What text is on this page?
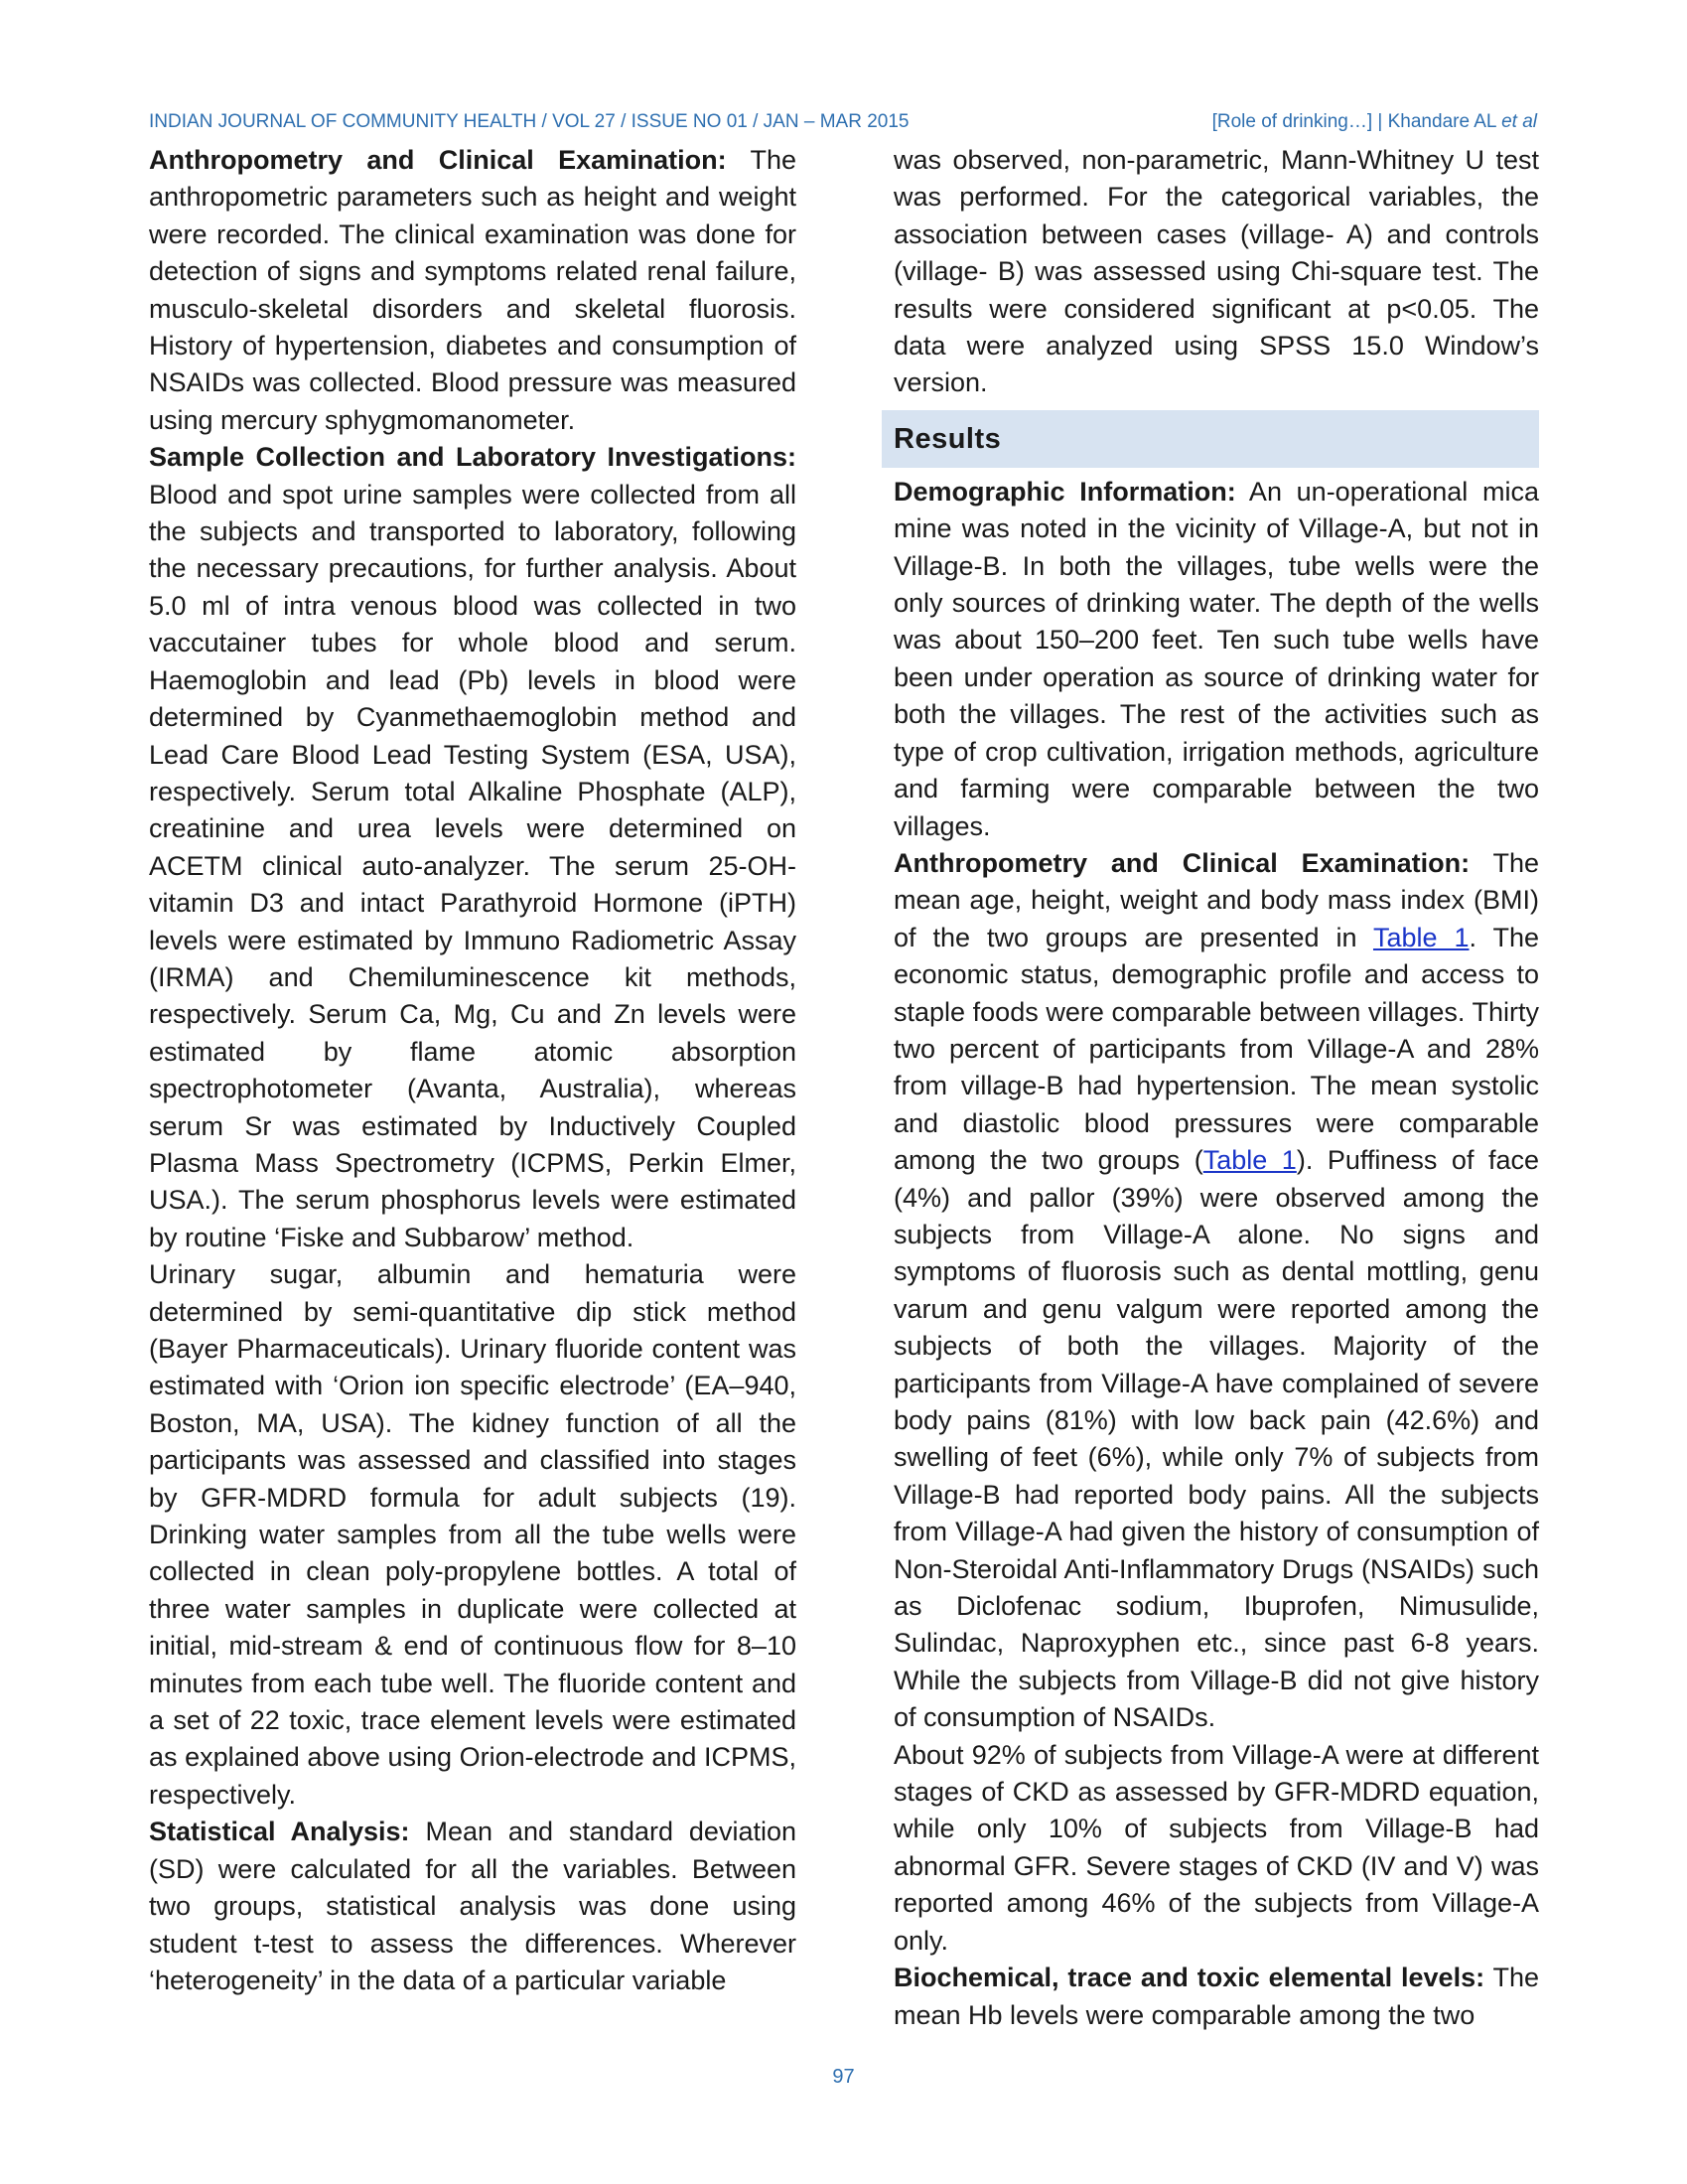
INDIAN JOURNAL OF COMMUNITY HEALTH / VOL 27 / ISSUE NO 01 / JAN – MAR 2015	[Role of drinking…] | Khandare AL et al

Anthropometry and Clinical Examination: The anthropometric parameters such as height and weight were recorded. The clinical examination was done for detection of signs and symptoms related renal failure, musculo-skeletal disorders and skeletal fluorosis. History of hypertension, diabetes and consumption of NSAIDs was collected. Blood pressure was measured using mercury sphygmomanometer.

Sample Collection and Laboratory Investigations: Blood and spot urine samples were collected from all the subjects and transported to laboratory, following the necessary precautions, for further analysis. About 5.0 ml of intra venous blood was collected in two vaccutainer tubes for whole blood and serum. Haemoglobin and lead (Pb) levels in blood were determined by Cyanmethaemoglobin method and Lead Care Blood Lead Testing System (ESA, USA), respectively. Serum total Alkaline Phosphate (ALP), creatinine and urea levels were determined on ACETM clinical auto-analyzer. The serum 25-OH-vitamin D3 and intact Parathyroid Hormone (iPTH) levels were estimated by Immuno Radiometric Assay (IRMA) and Chemiluminescence kit methods, respectively. Serum Ca, Mg, Cu and Zn levels were estimated by flame atomic absorption spectrophotometer (Avanta, Australia), whereas serum Sr was estimated by Inductively Coupled Plasma Mass Spectrometry (ICPMS, Perkin Elmer, USA.). The serum phosphorus levels were estimated by routine ‘Fiske and Subbarow’ method.

Urinary sugar, albumin and hematuria were determined by semi-quantitative dip stick method (Bayer Pharmaceuticals). Urinary fluoride content was estimated with ‘Orion ion specific electrode’ (EA–940, Boston, MA, USA). The kidney function of all the participants was assessed and classified into stages by GFR-MDRD formula for adult subjects (19). Drinking water samples from all the tube wells were collected in clean poly-propylene bottles. A total of three water samples in duplicate were collected at initial, mid-stream & end of continuous flow for 8–10 minutes from each tube well. The fluoride content and a set of 22 toxic, trace element levels were estimated as explained above using Orion-electrode and ICPMS, respectively.

Statistical Analysis: Mean and standard deviation (SD) were calculated for all the variables. Between two groups, statistical analysis was done using student t-test to assess the differences. Wherever ‘heterogeneity’ in the data of a particular variable

was observed, non-parametric, Mann-Whitney U test was performed. For the categorical variables, the association between cases (village- A) and controls (village- B) was assessed using Chi-square test. The results were considered significant at p<0.05. The data were analyzed using SPSS 15.0 Window’s version.

Results

Demographic Information: An un-operational mica mine was noted in the vicinity of Village-A, but not in Village-B. In both the villages, tube wells were the only sources of drinking water. The depth of the wells was about 150–200 feet. Ten such tube wells have been under operation as source of drinking water for both the villages. The rest of the activities such as type of crop cultivation, irrigation methods, agriculture and farming were comparable between the two villages.

Anthropometry and Clinical Examination: The mean age, height, weight and body mass index (BMI) of the two groups are presented in Table 1. The economic status, demographic profile and access to staple foods were comparable between villages. Thirty two percent of participants from Village-A and 28% from village-B had hypertension. The mean systolic and diastolic blood pressures were comparable among the two groups (Table 1). Puffiness of face (4%) and pallor (39%) were observed among the subjects from Village-A alone. No signs and symptoms of fluorosis such as dental mottling, genu varum and genu valgum were reported among the subjects of both the villages. Majority of the participants from Village-A have complained of severe body pains (81%) with low back pain (42.6%) and swelling of feet (6%), while only 7% of subjects from Village-B had reported body pains. All the subjects from Village-A had given the history of consumption of Non-Steroidal Anti-Inflammatory Drugs (NSAIDs) such as Diclofenac sodium, Ibuprofen, Nimusulide, Sulindac, Naproxyphen etc., since past 6-8 years. While the subjects from Village-B did not give history of consumption of NSAIDs.

About 92% of subjects from Village-A were at different stages of CKD as assessed by GFR-MDRD equation, while only 10% of subjects from Village-B had abnormal GFR. Severe stages of CKD (IV and V) was reported among 46% of the subjects from Village-A only.

Biochemical, trace and toxic elemental levels: The mean Hb levels were comparable among the two

97
